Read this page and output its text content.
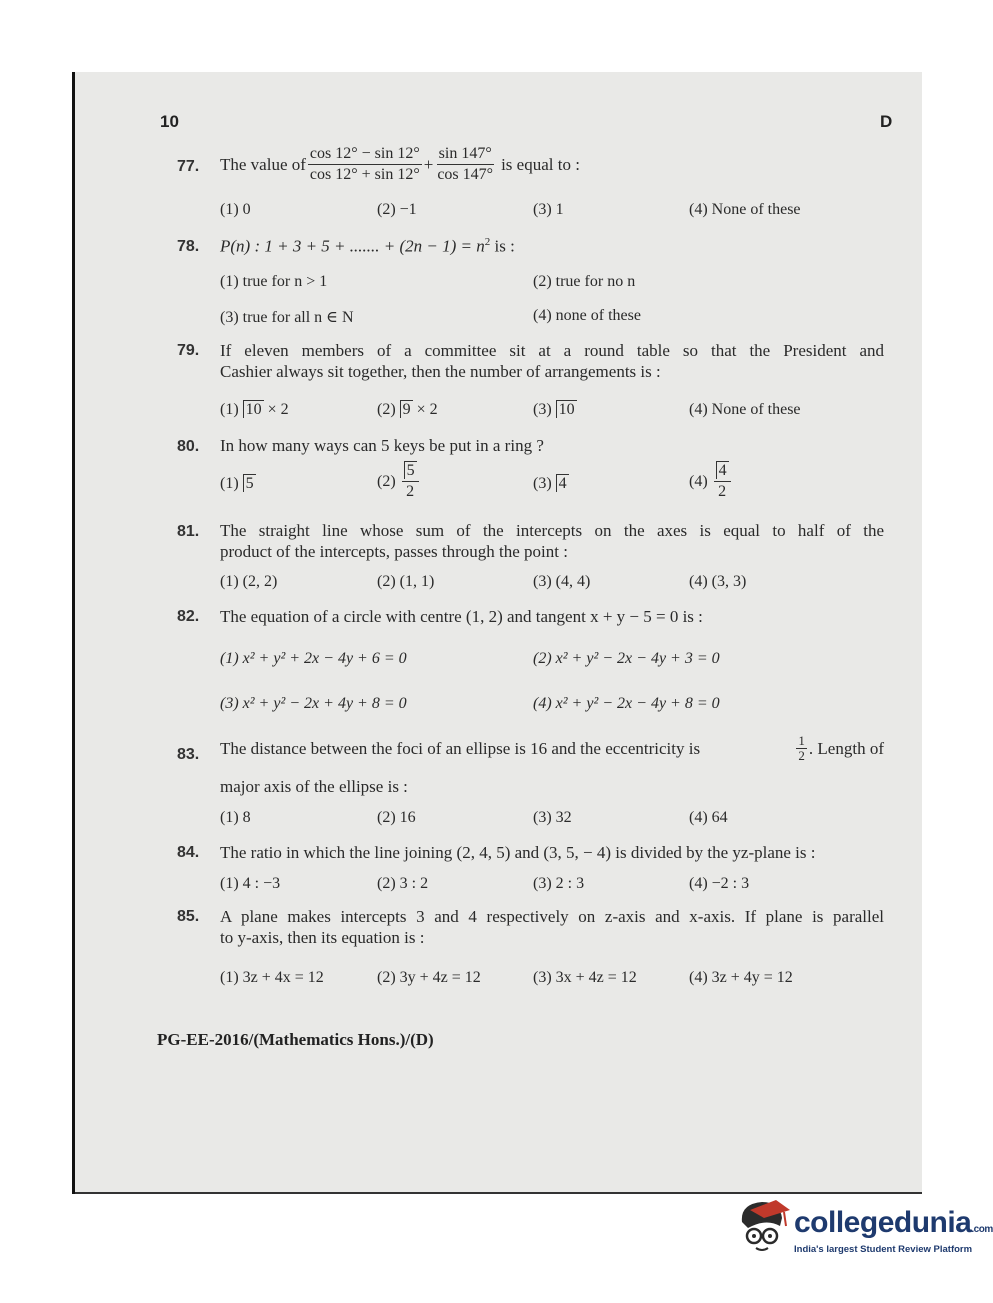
10	D
77. The value of $\frac{\cos 12^\circ - \sin 12^\circ}{\cos 12^\circ + \sin 12^\circ} + \frac{\sin 147^\circ}{\cos 147^\circ}$ is equal to :
(1) 0	(2) −1	(3) 1	(4) None of these
78. P(n) : 1 + 3 + 5 + ....... + $(2n - 1) = n^2$ is :
(1) true for n > 1	(2) true for no n
(3) true for all n ∈ N	(4) none of these
79. If eleven members of a committee sit at a round table so that the President and
Cashier always sit together, then the number of arrangements is :
(1) 10 × 2	(2) 9 × 2	(3) 10	(4) None of these
80. In how many ways can 5 keys be put in a ring ?
(1) 5	$(2) \frac{5}{2}$	(3) 4	$(4) \frac{4}{2}$
81. The straight line whose sum of the intercepts on the axes is equal to half of the
product of the intercepts, passes through the point :
(1) (2, 2)	(2) (1, 1)	(3) (4, 4)	(4) (3, 3)
82. The equation of a circle with centre (1, 2) and tangent x + y − 5 = 0 is :
(1) x² + y² + 2x − 4y + 6 = 0	(2) x² + y² − 2x − 4y + 3 = 0
(3) x² + y² − 2x + 4y + 8 = 0	(4) x² + y² − 2x − 4y + 8 = 0
83. The distance between the foci of an ellipse is 16 and the eccentricity is	$\frac{1}{2}$ . Length of
major axis of the ellipse is :
(1) 8	(2) 16	(3) 32	(4) 64
84. The ratio in which the line joining (2, 4, 5) and (3, 5, − 4) is divided by the yz-plane is :
(1) 4 : −3	(2) 3 : 2	(3) 2 : 3	(4) −2 : 3
85. A plane makes intercepts 3 and 4 respectively on z-axis and x-axis. If plane is parallel
to y-axis, then its equation is :
(1) 3z + 4x = 12	(2) 3y + 4z = 12	(3) 3x + 4z = 12	(4) 3z + 4y = 12
PG-EE-2016/(Mathematics Hons.)/(D)
collegedunia.com
India's largest Student Review Platform
